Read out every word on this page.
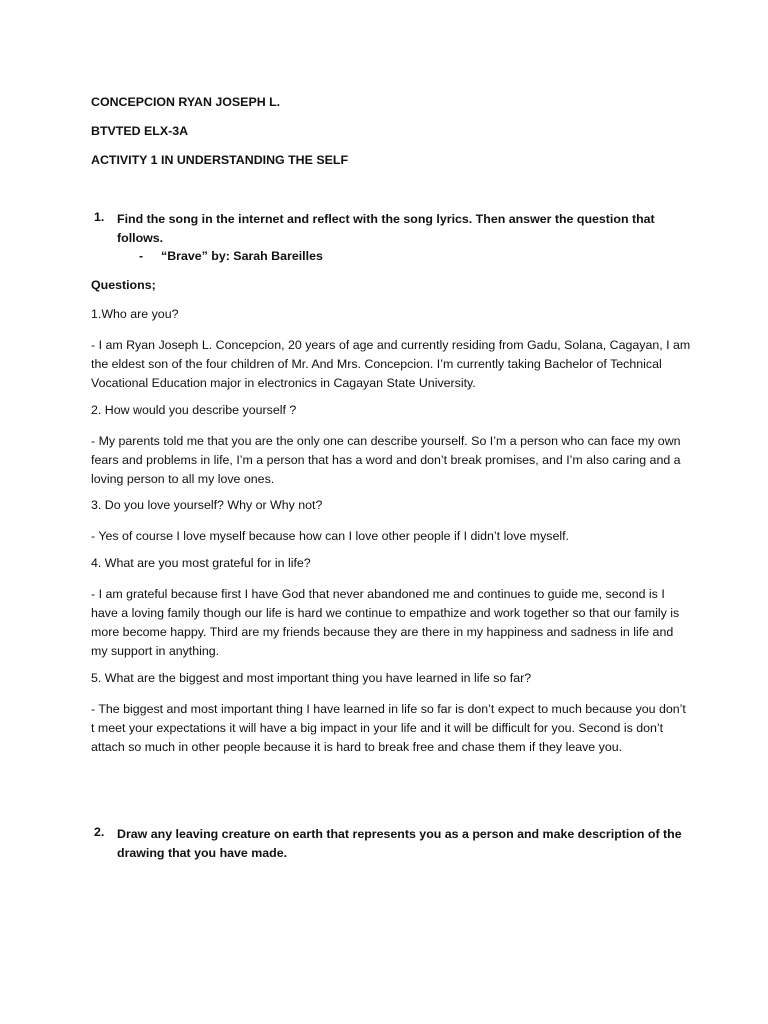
CONCEPCION RYAN JOSEPH L.
BTVTED ELX-3A
ACTIVITY 1 IN UNDERSTANDING THE SELF
1. Find the song in the internet and reflect with the song lyrics. Then answer the question that follows.
- “Brave” by: Sarah Bareilles
Questions;
1.Who are you?
- I am Ryan Joseph L. Concepcion, 20 years of age and currently residing from Gadu, Solana, Cagayan, I am the eldest son of the four children of Mr. And Mrs. Concepcion. I’m currently taking Bachelor of Technical Vocational Education major in electronics in Cagayan State University.
2. How would you describe yourself ?
- My parents told me that you are the only one can describe yourself. So I’m a person who can face my own fears and problems in life, I’m a person that has a word and don’t break promises, and I’m also caring and a loving person to all my love ones.
3. Do you love yourself? Why or Why not?
- Yes of course I love myself because how can I love other people if I didn’t love myself.
4. What are you most grateful for in life?
- I am grateful because first I have God that never abandoned me and continues to guide me, second is I have a loving family though our life is hard we continue to empathize and work together so that our family is more become happy. Third are my friends because they are there in my happiness and sadness in life and my support in anything.
5. What are the biggest and most important thing you have learned in life so far?
- The biggest and most important thing I have learned in life so far is don’t expect to much because you don’t t meet your expectations it will have a big impact in your life and it will be difficult for you. Second is don’t attach so much in other people because it is hard to break free and chase them if they leave you.
2. Draw any leaving creature on earth that represents you as a person and make description of the drawing that you have made.
